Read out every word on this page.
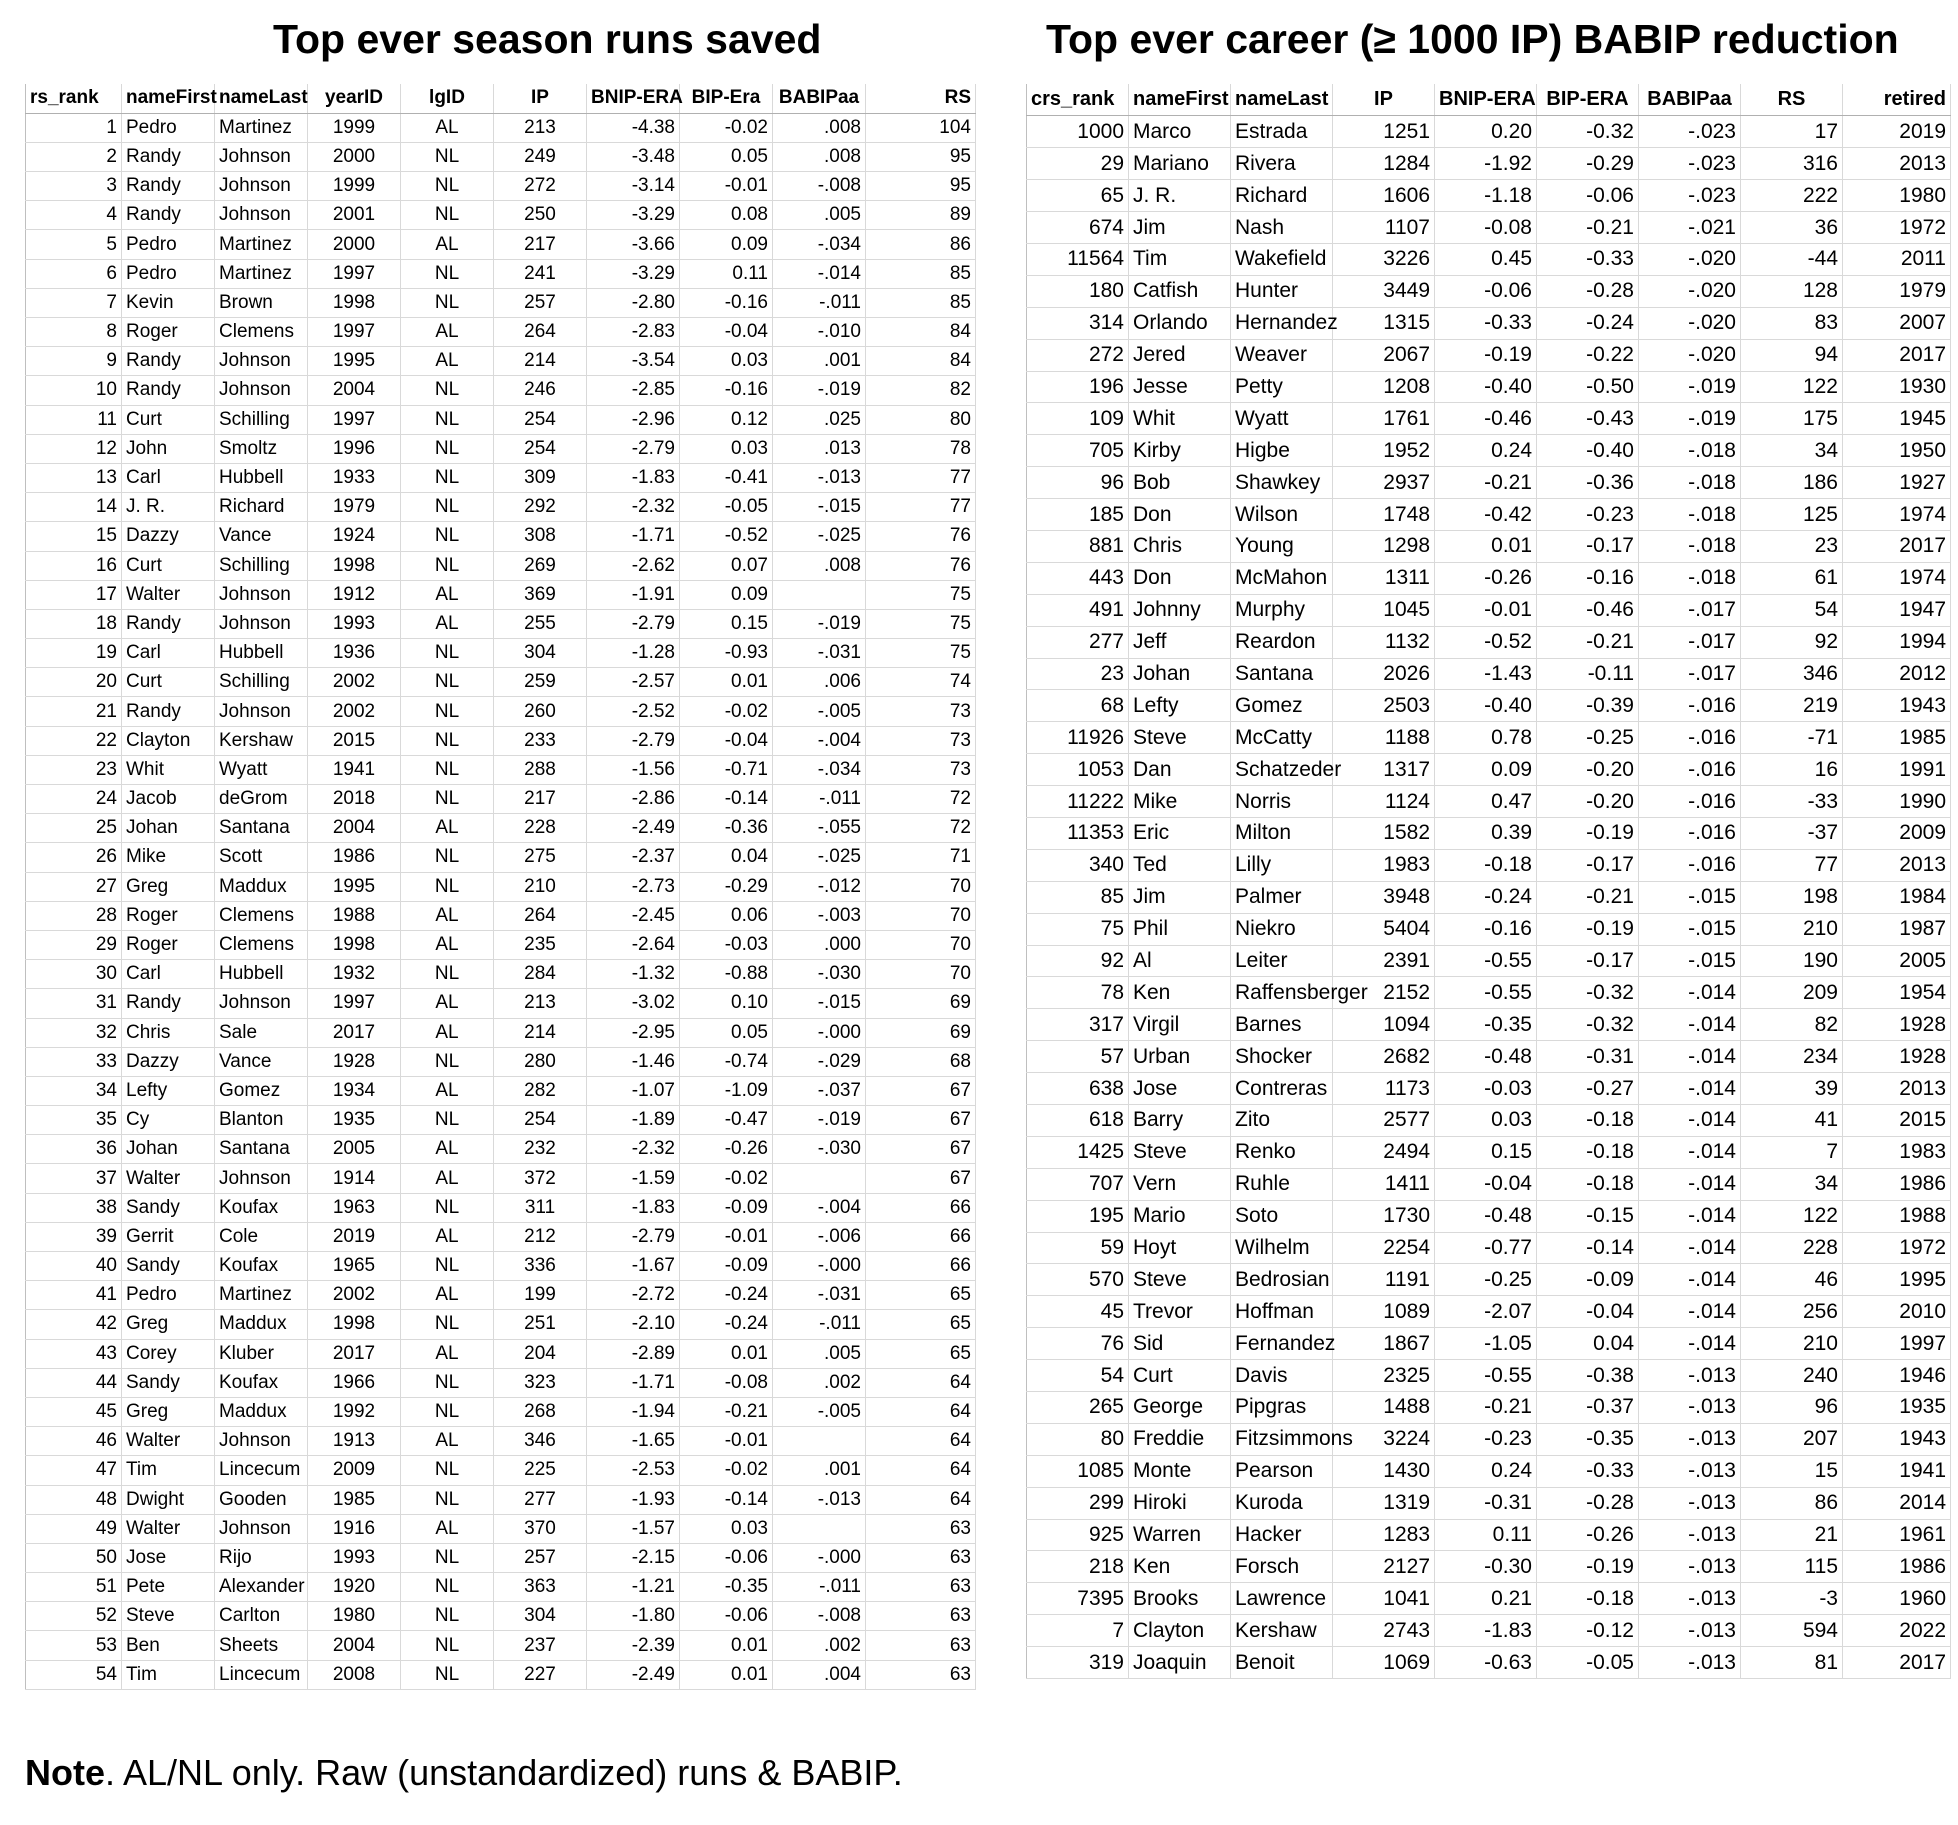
Top ever season runs saved	Top ever career (≥ 1000 IP) BABIP reduction
rs_rank	nameFirst	nameLast	yearID	lgID	IP	BNIP-ERA	BIP-Era	BABIPaa	RS
1	Pedro	Martinez	1999	AL	213	-4.38	-0.02	.008	104
2	Randy	Johnson	2000	NL	249	-3.48	0.05	.008	95
3	Randy	Johnson	1999	NL	272	-3.14	-0.01	-.008	95
4	Randy	Johnson	2001	NL	250	-3.29	0.08	.005	89
5	Pedro	Martinez	2000	AL	217	-3.66	0.09	-.034	86
6	Pedro	Martinez	1997	NL	241	-3.29	0.11	-.014	85
7	Kevin	Brown	1998	NL	257	-2.80	-0.16	-.011	85
8	Roger	Clemens	1997	AL	264	-2.83	-0.04	-.010	84
9	Randy	Johnson	1995	AL	214	-3.54	0.03	.001	84
10	Randy	Johnson	2004	NL	246	-2.85	-0.16	-.019	82
11	Curt	Schilling	1997	NL	254	-2.96	0.12	.025	80
12	John	Smoltz	1996	NL	254	-2.79	0.03	.013	78
13	Carl	Hubbell	1933	NL	309	-1.83	-0.41	-.013	77
14	J. R.	Richard	1979	NL	292	-2.32	-0.05	-.015	77
15	Dazzy	Vance	1924	NL	308	-1.71	-0.52	-.025	76
16	Curt	Schilling	1998	NL	269	-2.62	0.07	.008	76
17	Walter	Johnson	1912	AL	369	-1.91	0.09		75
18	Randy	Johnson	1993	AL	255	-2.79	0.15	-.019	75
19	Carl	Hubbell	1936	NL	304	-1.28	-0.93	-.031	75
20	Curt	Schilling	2002	NL	259	-2.57	0.01	.006	74
21	Randy	Johnson	2002	NL	260	-2.52	-0.02	-.005	73
22	Clayton	Kershaw	2015	NL	233	-2.79	-0.04	-.004	73
23	Whit	Wyatt	1941	NL	288	-1.56	-0.71	-.034	73
24	Jacob	deGrom	2018	NL	217	-2.86	-0.14	-.011	72
25	Johan	Santana	2004	AL	228	-2.49	-0.36	-.055	72
26	Mike	Scott	1986	NL	275	-2.37	0.04	-.025	71
27	Greg	Maddux	1995	NL	210	-2.73	-0.29	-.012	70
28	Roger	Clemens	1988	AL	264	-2.45	0.06	-.003	70
29	Roger	Clemens	1998	AL	235	-2.64	-0.03	.000	70
30	Carl	Hubbell	1932	NL	284	-1.32	-0.88	-.030	70
31	Randy	Johnson	1997	AL	213	-3.02	0.10	-.015	69
32	Chris	Sale	2017	AL	214	-2.95	0.05	-.000	69
33	Dazzy	Vance	1928	NL	280	-1.46	-0.74	-.029	68
34	Lefty	Gomez	1934	AL	282	-1.07	-1.09	-.037	67
35	Cy	Blanton	1935	NL	254	-1.89	-0.47	-.019	67
36	Johan	Santana	2005	AL	232	-2.32	-0.26	-.030	67
37	Walter	Johnson	1914	AL	372	-1.59	-0.02		67
38	Sandy	Koufax	1963	NL	311	-1.83	-0.09	-.004	66
39	Gerrit	Cole	2019	AL	212	-2.79	-0.01	-.006	66
40	Sandy	Koufax	1965	NL	336	-1.67	-0.09	-.000	66
41	Pedro	Martinez	2002	AL	199	-2.72	-0.24	-.031	65
42	Greg	Maddux	1998	NL	251	-2.10	-0.24	-.011	65
43	Corey	Kluber	2017	AL	204	-2.89	0.01	.005	65
44	Sandy	Koufax	1966	NL	323	-1.71	-0.08	.002	64
45	Greg	Maddux	1992	NL	268	-1.94	-0.21	-.005	64
46	Walter	Johnson	1913	AL	346	-1.65	-0.01		64
47	Tim	Lincecum	2009	NL	225	-2.53	-0.02	.001	64
48	Dwight	Gooden	1985	NL	277	-1.93	-0.14	-.013	64
49	Walter	Johnson	1916	AL	370	-1.57	0.03		63
50	Jose	Rijo	1993	NL	257	-2.15	-0.06	-.000	63
51	Pete	Alexander	1920	NL	363	-1.21	-0.35	-.011	63
52	Steve	Carlton	1980	NL	304	-1.80	-0.06	-.008	63
53	Ben	Sheets	2004	NL	237	-2.39	0.01	.002	63
54	Tim	Lincecum	2008	NL	227	-2.49	0.01	.004	63
crs_rank	nameFirst	nameLast	IP	BNIP-ERA	BIP-ERA	BABIPaa	RS	retired
1000	Marco	Estrada	1251	0.20	-0.32	-.023	17	2019
29	Mariano	Rivera	1284	-1.92	-0.29	-.023	316	2013
65	J. R.	Richard	1606	-1.18	-0.06	-.023	222	1980
674	Jim	Nash	1107	-0.08	-0.21	-.021	36	1972
11564	Tim	Wakefield	3226	0.45	-0.33	-.020	-44	2011
180	Catfish	Hunter	3449	-0.06	-0.28	-.020	128	1979
314	Orlando	Hernandez	1315	-0.33	-0.24	-.020	83	2007
272	Jered	Weaver	2067	-0.19	-0.22	-.020	94	2017
196	Jesse	Petty	1208	-0.40	-0.50	-.019	122	1930
109	Whit	Wyatt	1761	-0.46	-0.43	-.019	175	1945
705	Kirby	Higbe	1952	0.24	-0.40	-.018	34	1950
96	Bob	Shawkey	2937	-0.21	-0.36	-.018	186	1927
185	Don	Wilson	1748	-0.42	-0.23	-.018	125	1974
881	Chris	Young	1298	0.01	-0.17	-.018	23	2017
443	Don	McMahon	1311	-0.26	-0.16	-.018	61	1974
491	Johnny	Murphy	1045	-0.01	-0.46	-.017	54	1947
277	Jeff	Reardon	1132	-0.52	-0.21	-.017	92	1994
23	Johan	Santana	2026	-1.43	-0.11	-.017	346	2012
68	Lefty	Gomez	2503	-0.40	-0.39	-.016	219	1943
11926	Steve	McCatty	1188	0.78	-0.25	-.016	-71	1985
1053	Dan	Schatzeder	1317	0.09	-0.20	-.016	16	1991
11222	Mike	Norris	1124	0.47	-0.20	-.016	-33	1990
11353	Eric	Milton	1582	0.39	-0.19	-.016	-37	2009
340	Ted	Lilly	1983	-0.18	-0.17	-.016	77	2013
85	Jim	Palmer	3948	-0.24	-0.21	-.015	198	1984
75	Phil	Niekro	5404	-0.16	-0.19	-.015	210	1987
92	Al	Leiter	2391	-0.55	-0.17	-.015	190	2005
78	Ken	Raffensberger	2152	-0.55	-0.32	-.014	209	1954
317	Virgil	Barnes	1094	-0.35	-0.32	-.014	82	1928
57	Urban	Shocker	2682	-0.48	-0.31	-.014	234	1928
638	Jose	Contreras	1173	-0.03	-0.27	-.014	39	2013
618	Barry	Zito	2577	0.03	-0.18	-.014	41	2015
1425	Steve	Renko	2494	0.15	-0.18	-.014	7	1983
707	Vern	Ruhle	1411	-0.04	-0.18	-.014	34	1986
195	Mario	Soto	1730	-0.48	-0.15	-.014	122	1988
59	Hoyt	Wilhelm	2254	-0.77	-0.14	-.014	228	1972
570	Steve	Bedrosian	1191	-0.25	-0.09	-.014	46	1995
45	Trevor	Hoffman	1089	-2.07	-0.04	-.014	256	2010
76	Sid	Fernandez	1867	-1.05	0.04	-.014	210	1997
54	Curt	Davis	2325	-0.55	-0.38	-.013	240	1946
265	George	Pipgras	1488	-0.21	-0.37	-.013	96	1935
80	Freddie	Fitzsimmons	3224	-0.23	-0.35	-.013	207	1943
1085	Monte	Pearson	1430	0.24	-0.33	-.013	15	1941
299	Hiroki	Kuroda	1319	-0.31	-0.28	-.013	86	2014
925	Warren	Hacker	1283	0.11	-0.26	-.013	21	1961
218	Ken	Forsch	2127	-0.30	-0.19	-.013	115	1986
7395	Brooks	Lawrence	1041	0.21	-0.18	-.013	-3	1960
7	Clayton	Kershaw	2743	-1.83	-0.12	-.013	594	2022
319	Joaquin	Benoit	1069	-0.63	-0.05	-.013	81	2017
Note. AL/NL only. Raw (unstandardized) runs & BABIP.
